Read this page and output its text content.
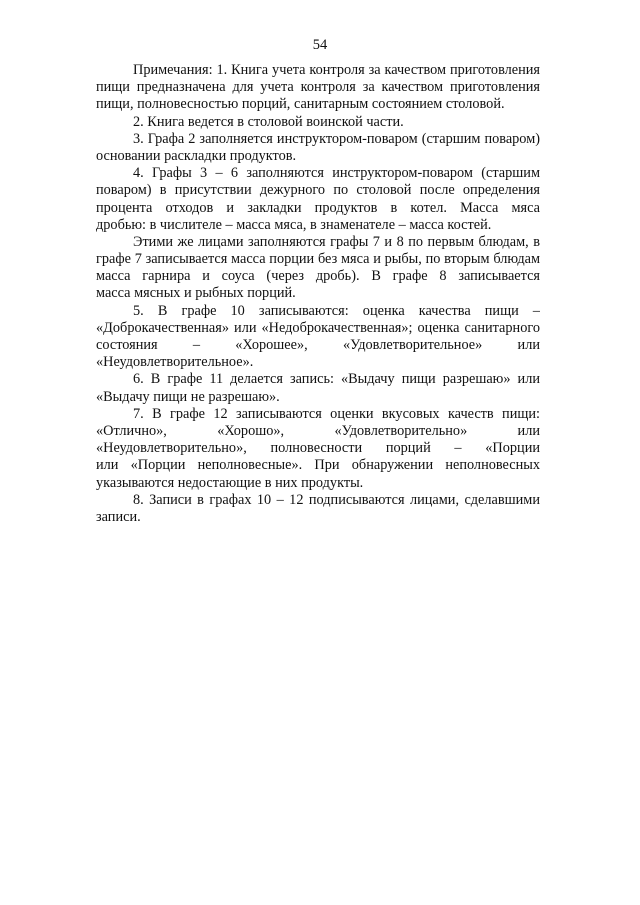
54
Примечания: 1. Книга учета контроля за качеством приготовления
пищи предназначена для учета контроля за качеством приготовления
пищи, полновесностью порций, санитарным состоянием столовой.
2. Книга ведется в столовой воинской части.
3. Графа 2 заполняется инструктором-поваром (старшим поваром)
основании раскладки продуктов.
4. Графы 3 – 6 заполняются инструктором-поваром (старшим
поваром) в присутствии дежурного по столовой после определения
процента отходов и закладки продуктов в котел. Масса мяса
дробью: в числителе – масса мяса, в знаменателе – масса костей.
Этими же лицами заполняются графы 7 и 8 по первым блюдам, в
графе 7 записывается масса порции без мяса и рыбы, по вторым блюдам
масса гарнира и соуса (через дробь). В графе 8 записывается
масса мясных и рыбных порций.
5. В графе 10 записываются: оценка качества пищи –
«Доброкачественная» или «Недоброкачественная»; оценка санитарного
состояния – «Хорошее», «Удовлетворительное» или
«Неудовлетворительное».
6. В графе 11 делается запись: «Выдачу пищи разрешаю» или
«Выдачу пищи не разрешаю».
7. В графе 12 записываются оценки вкусовых качеств пищи:
«Отлично», «Хорошо», «Удовлетворительно» или
«Неудовлетворительно», полновесности порций – «Порции
или «Порции неполновесные». При обнаружении неполновесных
указываются недостающие в них продукты.
8. Записи в графах 10 – 12 подписываются лицами, сделавшими
записи.
